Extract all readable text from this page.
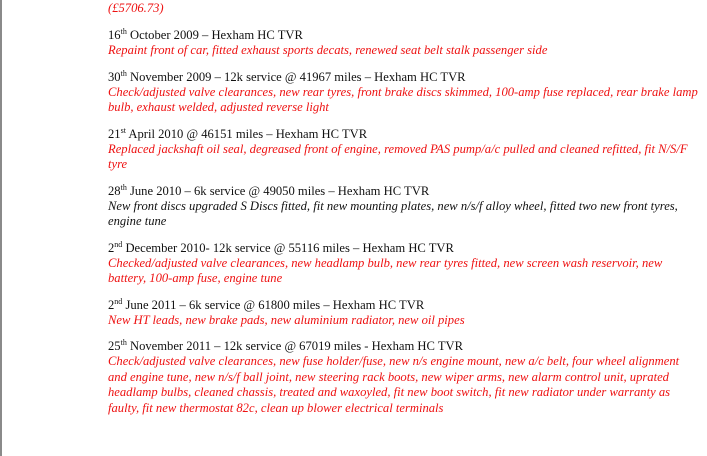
(£5706.73)
16th October 2009 – Hexham HC TVR
Repaint front of car, fitted exhaust sports decats, renewed seat belt stalk passenger side
30th November 2009 – 12k service @ 41967 miles – Hexham HC TVR
Check/adjusted valve clearances, new rear tyres, front brake discs skimmed, 100-amp fuse replaced, rear brake lamp bulb, exhaust welded, adjusted reverse light
21st April 2010 @ 46151 miles – Hexham HC TVR
Replaced jackshaft oil seal, degreased front of engine, removed PAS pump/a/c pulled and cleaned refitted, fit N/S/F tyre
28th June 2010 – 6k service @ 49050 miles – Hexham HC TVR
New front discs upgraded S Discs fitted, fit new mounting plates, new n/s/f alloy wheel, fitted two new front tyres, engine tune
2nd December 2010- 12k service @ 55116 miles – Hexham HC TVR
Checked/adjusted valve clearances, new headlamp bulb, new rear tyres fitted, new screen wash reservoir, new battery, 100-amp fuse, engine tune
2nd June 2011 – 6k service @ 61800 miles – Hexham HC TVR
New HT leads, new brake pads, new aluminium radiator, new oil pipes
25th November 2011 – 12k service @ 67019 miles - Hexham HC TVR
Check/adjusted valve clearances, new fuse holder/fuse, new n/s engine mount, new a/c belt, four wheel alignment and engine tune, new n/s/f ball joint, new steering rack boots, new wiper arms, new alarm control unit, uprated headlamp bulbs, cleaned chassis, treated and waxoyled, fit new boot switch, fit new radiator under warranty as faulty, fit new thermostat 82c, clean up blower electrical terminals
